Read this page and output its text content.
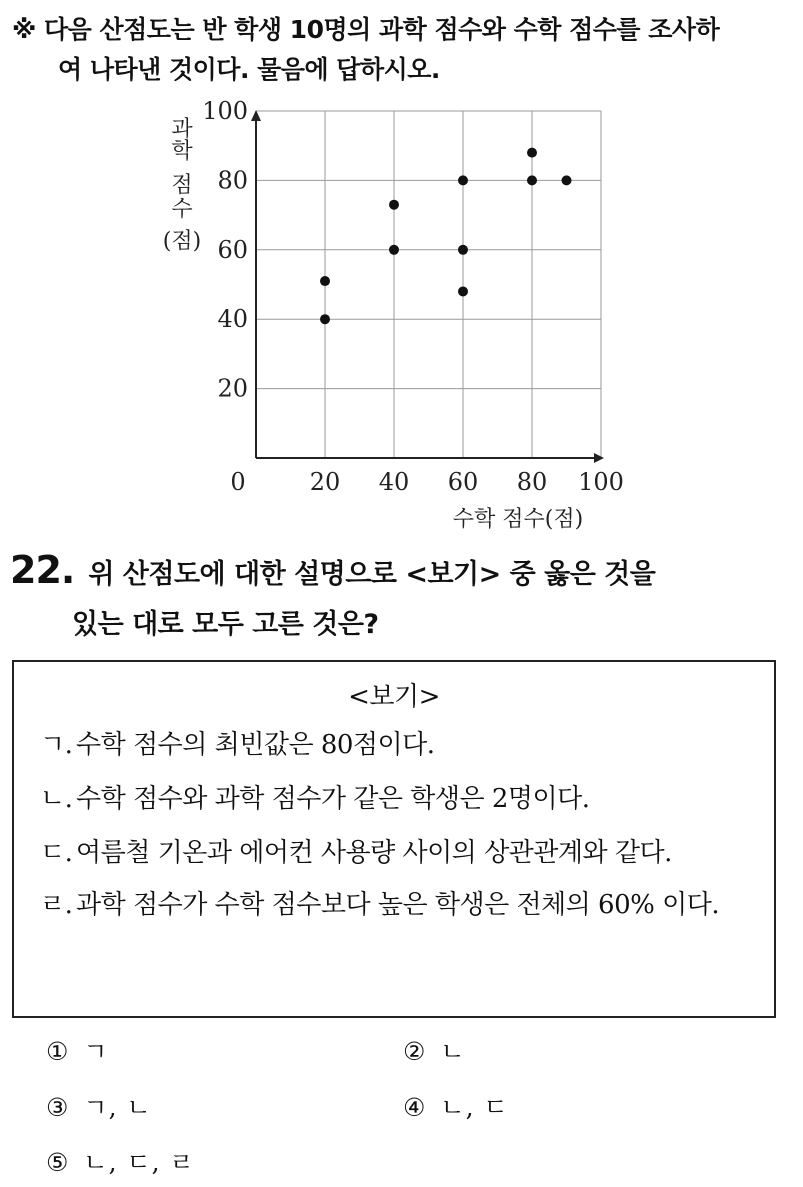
※ 다음 산점도는 반 학생 10명의 과학 점수와 수학 점수를 조사하
여 나타낸 것이다. 물음에 답하시오.
0	20 40 60 80 100
20
40
60
80
100
과
학
점
수
(점)
수학 점수(점)
22. 위 산점도에 대한 설명으로 <보기> 중 옳은 것을
있는 대로 모두 고른 것은?
<보기>
ㄱ. 수학 점수의 최빈값은 80점이다.
ㄴ. 수학 점수와 과학 점수가 같은 학생은 2명이다.
ㄷ. 여름철 기온과 에어컨 사용량 사이의 상관관계와 같다.
ㄹ. 과학 점수가 수학 점수보다 높은 학생은 전체의 60% 이다.
① ㄱ	② ㄴ
③ ㄱ, ㄴ	④ ㄴ, ㄷ
⑤ ㄴ, ㄷ, ㄹ
